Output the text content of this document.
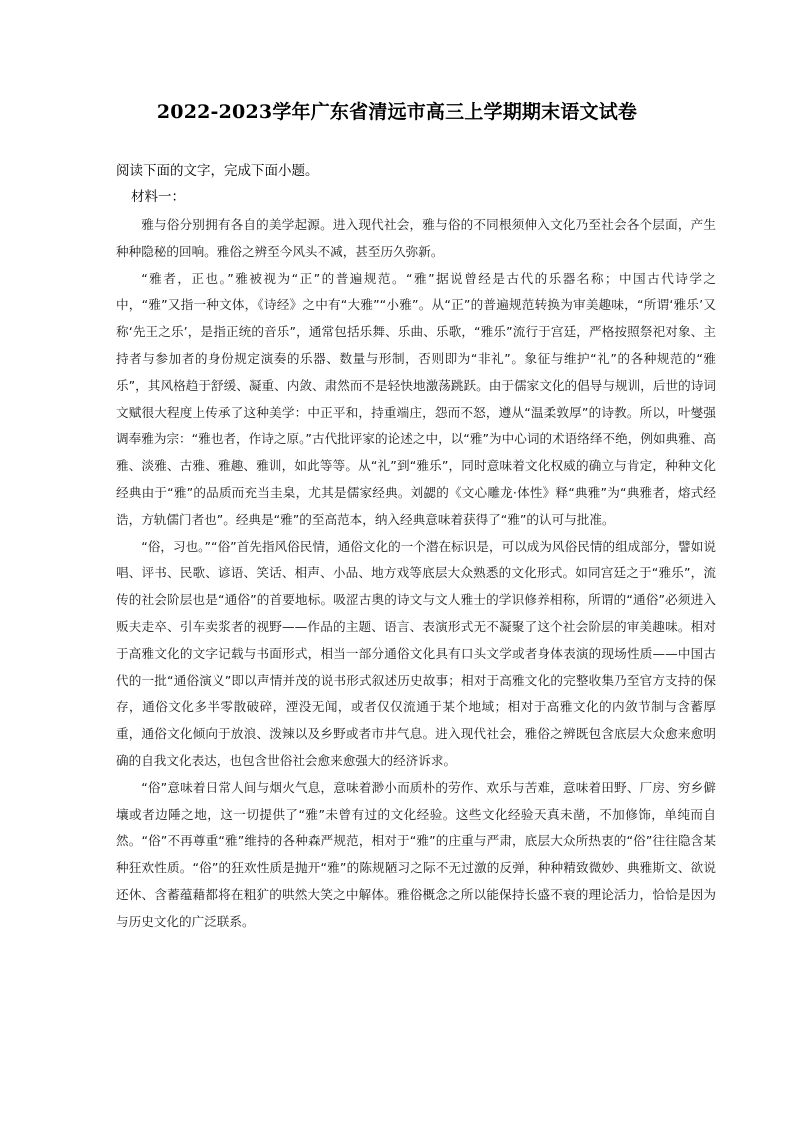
2022-2023学年广东省清远市高三上学期期末语文试卷
阅读下面的文字，完成下面小题。
材料一：

雅与俗分别拥有各自的美学起源。进入现代社会，雅与俗的不同根须伸入文化乃至社会各个层面，产生种种隐秘的回响。雅俗之辨至今风头不减，甚至历久弥新。

“雅者，正也。”雅被视为“正”的普遍规范。“雅”据说曾经是古代的乐器名称；中国古代诗学之中，“雅”又指一种文体，《诗经》之中有“大雅”“小雅”。从“正”的普遍规范转换为审美趣味，“所谓‘雅乐’又称‘先王之乐’，是指正统的音乐”，通常包括乐舞、乐曲、乐歌，“雅乐”流行于宫廷，严格按照祭祀对象、主持者与参加者的身份规定演奏的乐器、数量与形制，否则即为“非礼”。象征与维护“礼”的各种规范的“雅乐”，其风格趋于舒缓、凝重、内敛、肃然而不是轻快地激荡跳跃。由于儒家文化的倡导与规训，后世的诗词文赋很大程度上传承了这种美学：中正平和，持重端庄，怨而不怒，遵从“温柔敦厚”的诗教。所以，叶燮强调奉雅为宗：“雅也者，作诗之原。”古代批评家的论述之中，以“雅”为中心词的术语络绎不绝，例如典雅、高雅、淡雅、古雅、雅趣、雅训，如此等等。从“礼”到“雅乐”，同时意味着文化权威的确立与肯定，种种文化经典由于“雅”的品质而充当圭臬，尤其是儒家经典。刘勰的《文心雕龙·体性》释“典雅”为“典雅者，熔式经诰，方轨儒门者也”。经典是“雅”的至高范本，纳入经典意味着获得了“雅”的认可与批准。

“俗，习也。”“俗”首先指风俗民情，通俗文化的一个潜在标识是，可以成为风俗民情的组成部分，譬如说唱、评书、民歌、谚语、笑话、相声、小品、地方戏等底层大众熟悉的文化形式。如同宫廷之于“雅乐”，流传的社会阶层也是“通俗”的首要地标。吸涩古奥的诗文与文人雅士的学识修养相称，所谓的“通俗”必须进入贩夫走卒、引车卖浆者的视野——作品的主题、语言、表演形式无不凝聚了这个社会阶层的审美趣味。相对于高雅文化的文字记载与书面形式，相当一部分通俗文化具有口头文学或者身体表演的现场性质——中国古代的一批“通俗演义”即以声情并茂的说书形式叙述历史故事；相对于高雅文化的完整收集乃至官方支持的保存，通俗文化多半零散破碎，湮没无闻，或者仅仅流通于某个地域；相对于高雅文化的内敛节制与含蓄厚重，通俗文化倾向于放浪、泼辣以及乡野或者市井气息。进入现代社会，雅俗之辨既包含底层大众愈来愈明确的自我文化表达，也包含世俗社会愈来愈强大的经济诉求。

“俗”意味着日常人间与烟火气息，意味着渺小而质朴的劳作、欢乐与苦难，意味着田野、厂房、穷乡僻壤或者边陲之地，这一切提供了“雅”未曾有过的文化经验。这些文化经验天真未凿，不加修饰，单纯而自然。“俗”不再尊重“雅”维持的各种森严规范，相对于“雅”的庄重与严肃，底层大众所热衷的“俗”往往隐含某种狂欢性质。“俗”的狂欢性质是抛开“雅”的陈规陋习之际不无过激的反弹，种种精致微妙、典雅斯文、欲说还休、含蓄蕴藉都将在粗犷的哄然大笑之中解体。雅俗概念之所以能保持长盛不衰的理论活力，恰恰是因为与历史文化的广泛联系。
